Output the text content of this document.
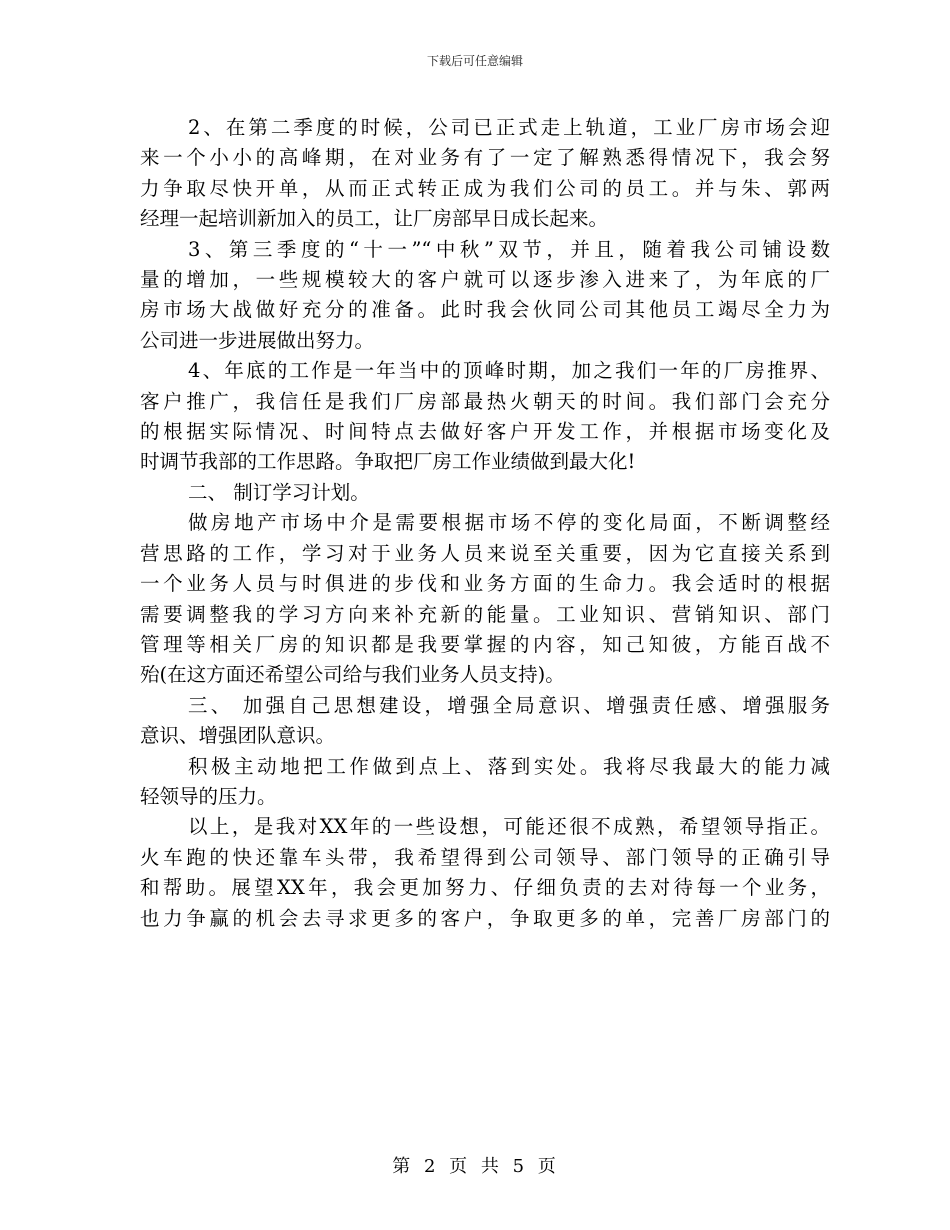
下载后可任意编辑

2、在第二季度的时候，公司已正式走上轨道，工业厂房市场会迎

来一个小小的高峰期，在对业务有了一定了解熟悉得情况下，我会努

力争取尽快开单，从而正式转正成为我们公司的员工。并与朱、郭两

经理一起培训新加入的员工，让厂房部早日成长起来。

3、第三季度的“十一”“中秋”双节，并且，随着我公司铺设数

量的增加，一些规模较大的客户就可以逐步渗入进来了，为年底的厂

房市场大战做好充分的准备。此时我会伙同公司其他员工竭尽全力为

公司进一步进展做出努力。

4、年底的工作是一年当中的顶峰时期，加之我们一年的厂房推界、

客户推广，我信任是我们厂房部最热火朝天的时间。我们部门会充分

的根据实际情况、时间特点去做好客户开发工作，并根据市场变化及

时调节我部的工作思路。争取把厂房工作业绩做到最大化!

二、 制订学习计划。

做房地产市场中介是需要根据市场不停的变化局面，不断调整经

营思路的工作，学习对于业务人员来说至关重要，因为它直接关系到

一个业务人员与时俱进的步伐和业务方面的生命力。我会适时的根据

需要调整我的学习方向来补充新的能量。工业知识、营销知识、部门

管理等相关厂房的知识都是我要掌握的内容，知己知彼，方能百战不

殆(在这方面还希望公司给与我们业务人员支持)。

三、 加强自己思想建设，增强全局意识、增强责任感、增强服务

意识、增强团队意识。

积极主动地把工作做到点上、落到实处。我将尽我最大的能力减

轻领导的压力。

以上，是我对XX年的一些设想，可能还很不成熟，希望领导指正。

火车跑的快还靠车头带，我希望得到公司领导、部门领导的正确引导

和帮助。展望XX年，我会更加努力、仔细负责的去对待每一个业务，

也力争赢的机会去寻求更多的客户，争取更多的单，完善厂房部门的

第 2 页 共 5 页
